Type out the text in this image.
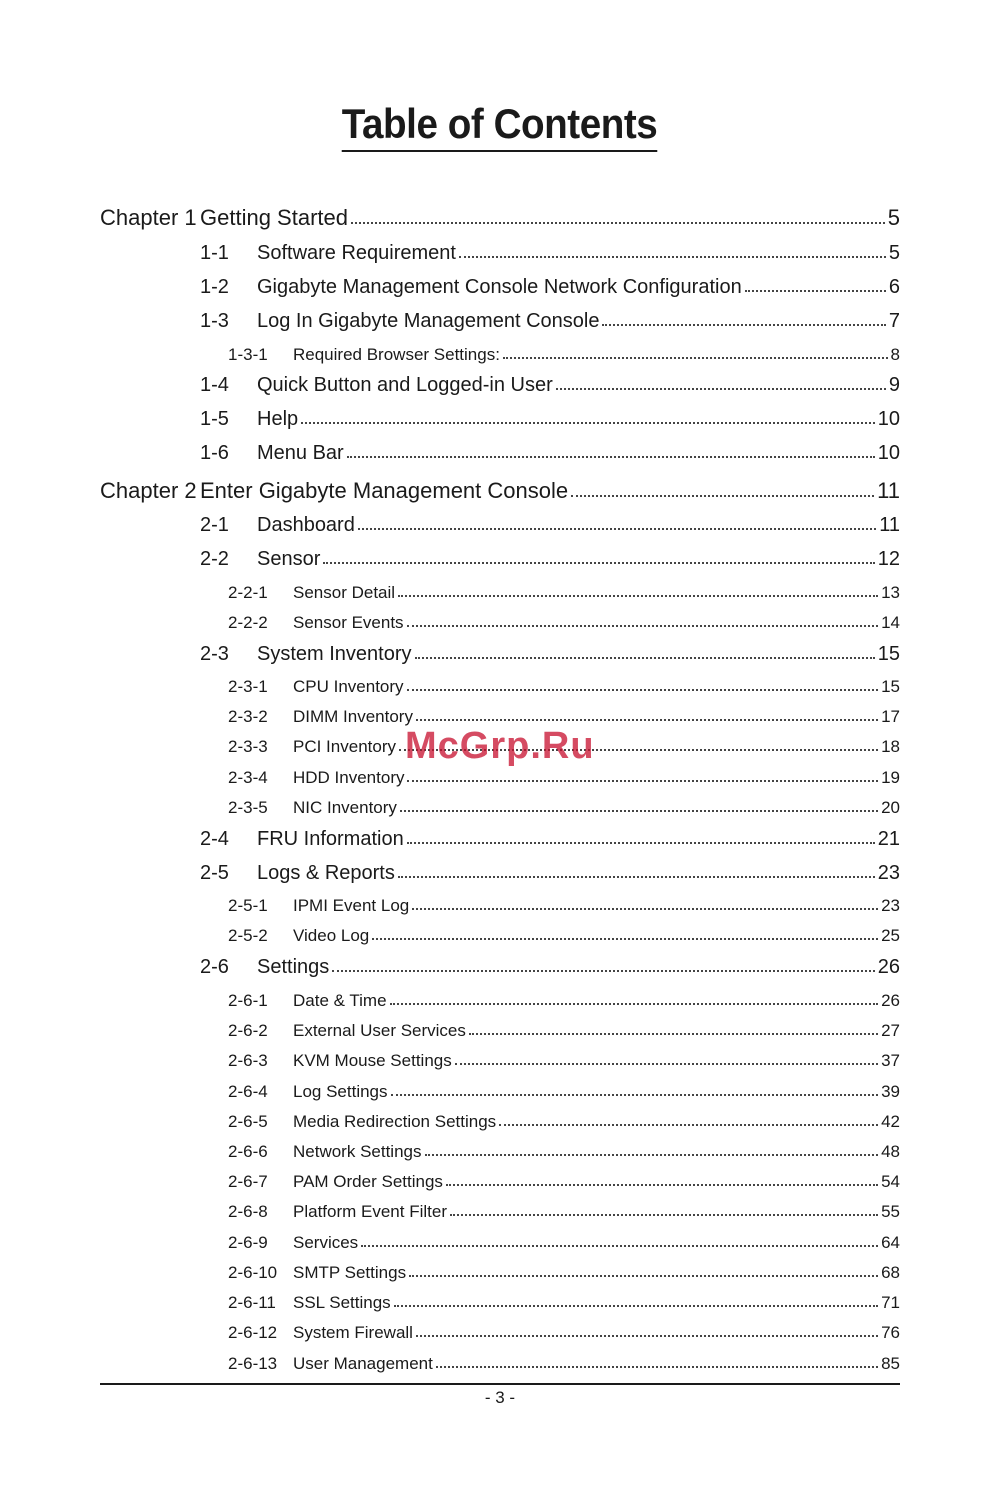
Table of Contents
Chapter 1 Getting Started	5
1-1	Software Requirement	5
1-2	Gigabyte Management Console Network Configuration	6
1-3	Log In Gigabyte Management Console	7
1-3-1	Required Browser Settings:	8
1-4	Quick Button and Logged-in User	9
1-5	Help	10
1-6	Menu Bar	10
Chapter 2 Enter Gigabyte Management Console	11
2-1	Dashboard	11
2-2	Sensor	12
2-2-1	Sensor Detail	13
2-2-2	Sensor Events	14
2-3	System Inventory	15
2-3-1	CPU Inventory	15
2-3-2	DIMM Inventory	17
2-3-3	PCI Inventory	18
2-3-4	HDD Inventory	19
2-3-5	NIC Inventory	20
2-4	FRU Information	21
2-5	Logs & Reports	23
2-5-1	IPMI Event Log	23
2-5-2	Video Log	25
2-6	Settings	26
2-6-1	Date & Time	26
2-6-2	External User Services	27
2-6-3	KVM Mouse Settings	37
2-6-4	Log Settings	39
2-6-5	Media Redirection Settings	42
2-6-6	Network Settings	48
2-6-7	PAM Order Settings	54
2-6-8	Platform Event Filter	55
2-6-9	Services	64
2-6-10 SMTP Settings	68
2-6-11	SSL Settings	71
2-6-12 System Firewall	76
2-6-13 User Management	85
McGrp.Ru
- 3 -
